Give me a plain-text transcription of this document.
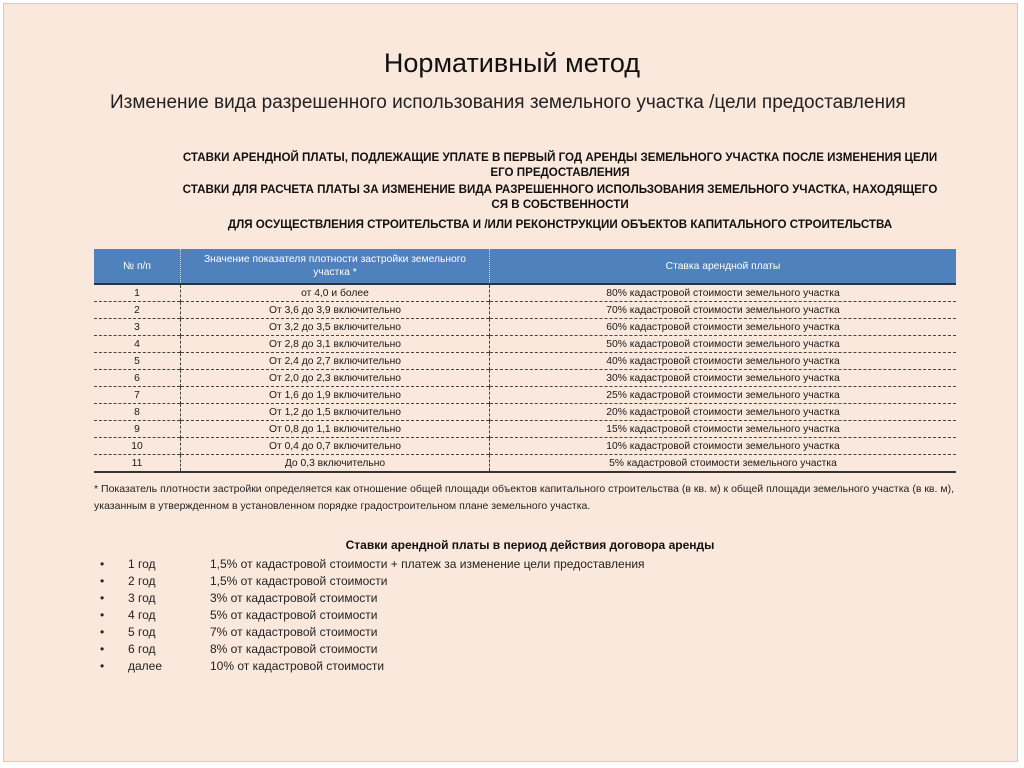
Нормативный метод
Изменение вида разрешенного использования земельного участка /цели предоставления
СТАВКИ АРЕНДНОЙ ПЛАТЫ, ПОДЛЕЖАЩИЕ УПЛАТЕ В ПЕРВЫЙ ГОД АРЕНДЫ ЗЕМЕЛЬНОГО УЧАСТКА ПОСЛЕ ИЗМЕНЕНИЯ ЦЕЛИ
ЕГО ПРЕДОСТАВЛЕНИЯ
СТАВКИ ДЛЯ РАСЧЕТА ПЛАТЫ ЗА ИЗМЕНЕНИЕ ВИДА РАЗРЕШЕННОГО ИСПОЛЬЗОВАНИЯ ЗЕМЕЛЬНОГО УЧАСТКА, НАХОДЯЩЕГО
СЯ В СОБСТВЕННОСТИ
ДЛЯ ОСУЩЕСТВЛЕНИЯ СТРОИТЕЛЬСТВА И /ИЛИ РЕКОНСТРУКЦИИ ОБЪЕКТОВ КАПИТАЛЬНОГО СТРОИТЕЛЬСТВА
№ п/п	Значение показателя плотности застройки земельного участка *	Ставка арендной платы
1	от 4,0 и более	80% кадастровой стоимости земельного участка
2	От 3,6 до 3,9 включительно	70% кадастровой стоимости земельного участка
3	От 3,2 до 3,5 включительно	60% кадастровой стоимости земельного участка
4	От 2,8 до 3,1 включительно	50% кадастровой стоимости земельного участка
5	От 2,4 до 2,7 включительно	40% кадастровой стоимости земельного участка
6	От 2,0 до 2,3 включительно	30% кадастровой стоимости земельного участка
7	От 1,6 до 1,9 включительно	25% кадастровой стоимости земельного участка
8	От 1,2 до 1,5 включительно	20% кадастровой стоимости земельного участка
9	От 0,8 до 1,1 включительно	15% кадастровой стоимости земельного участка
10	От 0,4 до 0,7 включительно	10% кадастровой стоимости земельного участка
11	До 0,3 включительно	5% кадастровой стоимости земельного участка
* Показатель плотности застройки определяется как отношение общей площади объектов капитального строительства (в кв. м) к общей площади земельного участка (в кв. м), указанным в утвержденном в установленном порядке градостроительном плане земельного участка.
Ставки арендной платы в период действия договора аренды
• 1 год	1,5% от кадастровой стоимости + платеж за изменение цели предоставления
• 2 год	1,5% от кадастровой стоимости
• 3 год	3% от кадастровой стоимости
• 4 год	5% от кадастровой стоимости
• 5 год	7% от кадастровой стоимости
• 6 год	8% от кадастровой стоимости
• далее	10% от кадастровой стоимости
